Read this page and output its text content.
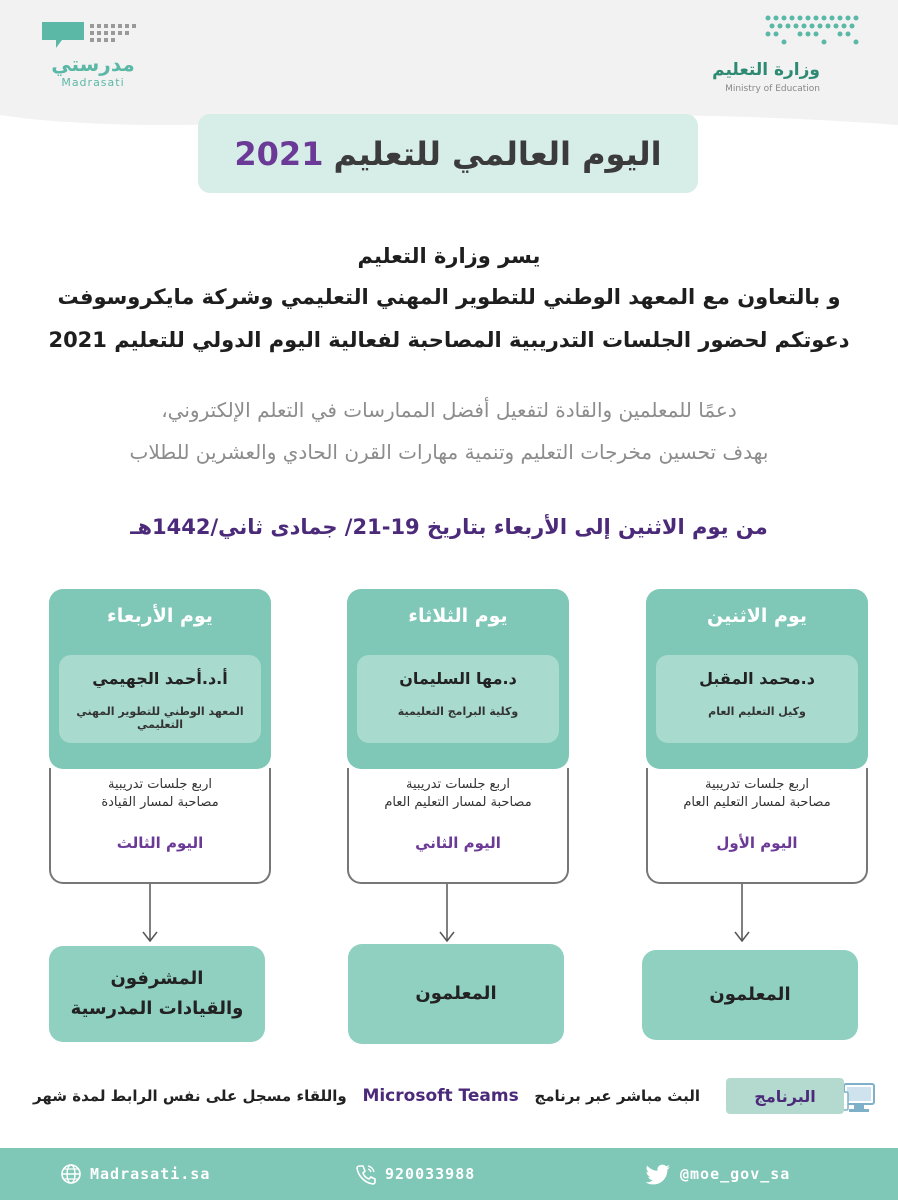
مدرستي
Madrasati
وزارة التعليم
Ministry of Education
اليوم العالمي للتعليم
2021
يسر وزارة التعليم
و بالتعاون مع المعهد الوطني للتطوير المهني التعليمي وشركة مايكروسوفت
دعوتكم لحضور الجلسات التدريبية المصاحبة لفعالية اليوم الدولي للتعليم 2021
دعمًا للمعلمين والقادة لتفعيل أفضل الممارسات في التعلم الإلكتروني،
بهدف تحسين مخرجات التعليم وتنمية مهارات القرن الحادي والعشرين للطلاب
من يوم الاثنين إلى الأربعاء بتاريخ 19-21/ جمادى ثاني/1442هـ
يوم الاثنين
د.محمد المقبل
وكيل التعليم العام
يوم الثلاثاء
د.مها السليمان
وكلية البرامج التعليمية
يوم الأربعاء
أ.د.أحمد الجهيمي
المعهد الوطني للتطوير المهني التعليمي
اربع جلسات تدريبية
مصاحبة لمسار التعليم العام
اليوم الأول
اربع جلسات تدريبية
مصاحبة لمسار التعليم العام
اليوم الثاني
اربع جلسات تدريبية
مصاحبة لمسار القيادة
اليوم الثالث
المعلمون
المعلمون
المشرفون
والقيادات المدرسية
البرنامج
البث مباشر عبر برنامج   Microsoft Teams   واللقاء مسجل على نفس الرابط لمدة شهر
Madrasati.sa	920033988	@moe_gov_sa
